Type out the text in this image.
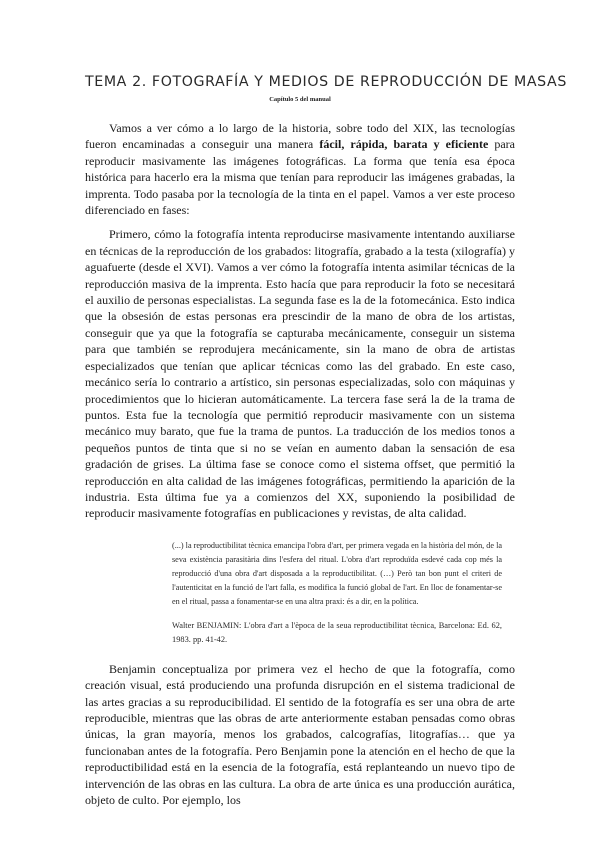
TEMA 2. FOTOGRAFÍA Y MEDIOS DE REPRODUCCIÓN DE MASAS
Capítulo 5 del manual

Vamos a ver cómo a lo largo de la historia, sobre todo del XIX, las tecnologías fueron encaminadas a conseguir una manera fácil, rápida, barata y eficiente para reproducir masivamente las imágenes fotográficas. La forma que tenía esa época histórica para hacerlo era la misma que tenían para reproducir las imágenes grabadas, la imprenta. Todo pasaba por la tecnología de la tinta en el papel. Vamos a ver este proceso diferenciado en fases:

Primero, cómo la fotografía intenta reproducirse masivamente intentando auxiliarse en técnicas de la reproducción de los grabados: litografía, grabado a la testa (xilografía) y aguafuerte (desde el XVI). Vamos a ver cómo la fotografía intenta asimilar técnicas de la reproducción masiva de la imprenta. Esto hacía que para reproducir la foto se necesitará el auxilio de personas especialistas. La segunda fase es la de la fotomecánica. Esto indica que la obsesión de estas personas era prescindir de la mano de obra de los artistas, conseguir que ya que la fotografía se capturaba mecánicamente, conseguir un sistema para que también se reprodujera mecánicamente, sin la mano de obra de artistas especializados que tenían que aplicar técnicas como las del grabado. En este caso, mecánico sería lo contrario a artístico, sin personas especializadas, solo con máquinas y procedimientos que lo hicieran automáticamente. La tercera fase será la de la trama de puntos. Esta fue la tecnología que permitió reproducir masivamente con un sistema mecánico muy barato, que fue la trama de puntos. La traducción de los medios tonos a pequeños puntos de tinta que si no se veían en aumento daban la sensación de esa gradación de grises. La última fase se conoce como el sistema offset, que permitió la reproducción en alta calidad de las imágenes fotográficas, permitiendo la aparición de la industria. Esta última fue ya a comienzos del XX, suponiendo la posibilidad de reproducir masivamente fotografías en publicaciones y revistas, de alta calidad.

(...) la reproductibilitat tècnica emancipa l'obra d'art, per primera vegada en la història del món, de la seva existència parasitària dins l'esfera del ritual. L'obra d'art reproduïda esdevé cada cop més la reproducció d'una obra d'art disposada a la reproductibilitat. (…) Però tan bon punt el criteri de l'autenticitat en la funció de l'art falla, es modifica la funció global de l'art. En lloc de fonamentar-se en el ritual, passa a fonamentar-se en una altra praxi: és a dir, en la política.
Walter BENJAMIN: L'obra d'art a l'època de la seua reproductibilitat tècnica, Barcelona: Ed. 62, 1983. pp. 41-42.

Benjamin conceptualiza por primera vez el hecho de que la fotografía, como creación visual, está produciendo una profunda disrupción en el sistema tradicional de las artes gracias a su reproducibilidad. El sentido de la fotografía es ser una obra de arte reproducible, mientras que las obras de arte anteriormente estaban pensadas como obras únicas, la gran mayoría, menos los grabados, calcografías, litografías… que ya funcionaban antes de la fotografía. Pero Benjamin pone la atención en el hecho de que la reproductibilidad está en la esencia de la fotografía, está replanteando un nuevo tipo de intervención de las obras en las cultura. La obra de arte única es una producción aurática, objeto de culto. Por ejemplo, los
